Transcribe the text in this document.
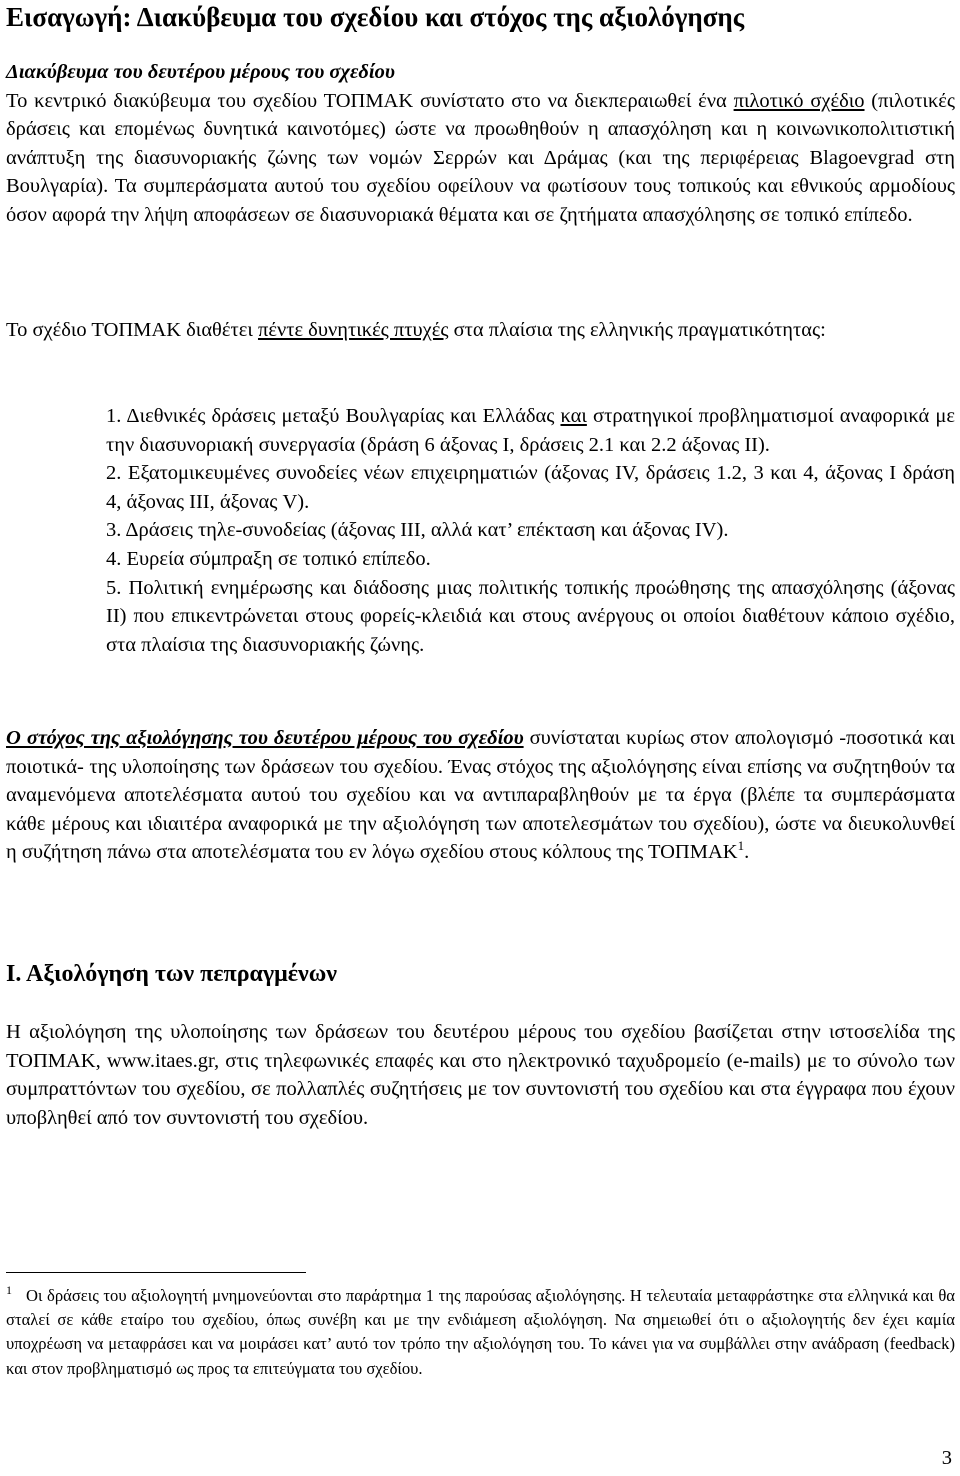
Εισαγωγή: Διακύβευμα του σχεδίου και στόχος της αξιολόγησης

Διακύβευμα του δευτέρου μέρους του σχεδίου
Το κεντρικό διακύβευμα του σχεδίου ΤΟΠΜΑΚ συνίστατο στο να διεκπεραιωθεί ένα πιλοτικό σχέδιο (πιλοτικές δράσεις και επομένως δυνητικά καινοτόμες) ώστε να προωθηθούν η απασχόληση και η κοινωνικοπολιτιστική ανάπτυξη της διασυνοριακής ζώνης των νομών Σερρών και Δράμας (και της περιφέρειας Blagoevgrad στη Βουλγαρία). Τα συμπεράσματα αυτού του σχεδίου οφείλουν να φωτίσουν τους τοπικούς και εθνικούς αρμοδίους όσον αφορά την λήψη αποφάσεων σε διασυνοριακά θέματα και σε ζητήματα απασχόλησης σε τοπικό επίπεδο.

Το σχέδιο ΤΟΠΜΑΚ διαθέτει πέντε δυνητικές πτυχές στα πλαίσια της ελληνικής πραγματικότητας:

1. Διεθνικές δράσεις μεταξύ Βουλγαρίας και Ελλάδας και στρατηγικοί προβληματισμοί αναφορικά με την διασυνοριακή συνεργασία (δράση 6 άξονας Ι, δράσεις 2.1 και 2.2 άξονας ΙΙ).
2. Εξατομικευμένες συνοδείες νέων επιχειρηματιών (άξονας IV, δράσεις 1.2, 3 και 4, άξονας Ι δράση 4, άξονας ΙΙΙ, άξονας V).
3. Δράσεις τηλε-συνοδείας (άξονας ΙΙΙ, αλλά κατ’ επέκταση και άξονας IV).
4. Ευρεία σύμπραξη σε τοπικό επίπεδο.
5. Πολιτική ενημέρωσης και διάδοσης μιας πολιτικής τοπικής προώθησης της απασχόλησης (άξονας ΙΙ) που επικεντρώνεται στους φορείς-κλειδιά και στους ανέργους οι οποίοι διαθέτουν κάποιο σχέδιο, στα πλαίσια της διασυνοριακής ζώνης.

Ο στόχος της αξιολόγησης του δευτέρου μέρους του σχεδίου συνίσταται κυρίως στον απολογισμό -ποσοτικά και ποιοτικά- της υλοποίησης των δράσεων του σχεδίου. Ένας στόχος της αξιολόγησης είναι επίσης να συζητηθούν τα αναμενόμενα αποτελέσματα αυτού του σχεδίου και να αντιπαραβληθούν με τα έργα (βλέπε τα συμπεράσματα κάθε μέρους και ιδιαιτέρα αναφορικά με την αξιολόγηση των αποτελεσμάτων του σχεδίου), ώστε να διευκολυνθεί η συζήτηση πάνω στα αποτελέσματα του εν λόγω σχεδίου στους κόλπους της ΤΟΠΜΑΚ$^1$.

Ι. Αξιολόγηση των πεπραγμένων

Η αξιολόγηση της υλοποίησης των δράσεων του δευτέρου μέρους του σχεδίου βασίζεται στην ιστοσελίδα της ΤΟΠΜΑΚ, www.itaes.gr, στις τηλεφωνικές επαφές και στο ηλεκτρονικό ταχυδρομείο (e-mails) με το σύνολο των συμπραττόντων του σχεδίου, σε πολλαπλές συζητήσεις με τον συντονιστή του σχεδίου και στα έγγραφα που έχουν υποβληθεί από τον συντονιστή του σχεδίου.

$^1$ Οι δράσεις του αξιολογητή μνημονεύονται στο παράρτημα 1 της παρούσας αξιολόγησης. Η τελευταία μεταφράστηκε στα ελληνικά και θα σταλεί σε κάθε εταίρο του σχεδίου, όπως συνέβη και με την ενδιάμεση αξιολόγηση. Να σημειωθεί ότι ο αξιολογητής δεν έχει καμία υποχρέωση να μεταφράσει και να μοιράσει κατ’ αυτό τον τρόπο την αξιολόγηση του. Το κάνει για να συμβάλλει στην ανάδραση (feedback) και στον προβληματισμό ως προς τα επιτεύγματα του σχεδίου.

3
